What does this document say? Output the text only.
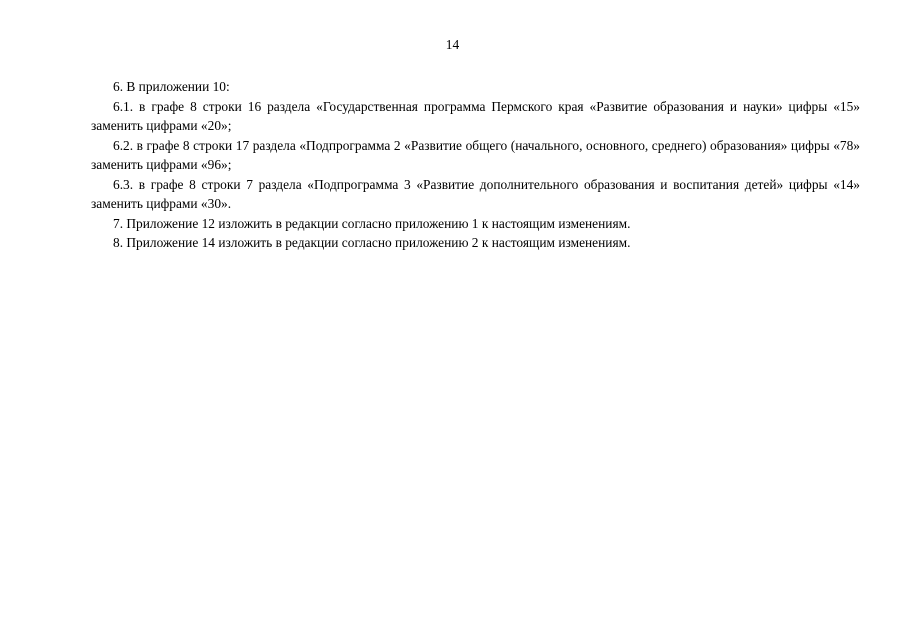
14

6. В приложении 10:

6.1. в графе 8 строки 16 раздела «Государственная программа Пермского края «Развитие образования и науки» цифры «15» заменить цифрами «20»;

6.2. в графе 8 строки 17 раздела «Подпрограмма 2 «Развитие общего (начального, основного, среднего) образования» цифры «78» заменить цифрами «96»;

6.3. в графе 8 строки 7 раздела «Подпрограмма 3 «Развитие дополнительного образования и воспитания детей» цифры «14» заменить цифрами «30».

7. Приложение 12 изложить в редакции согласно приложению 1 к настоящим изменениям.

8. Приложение 14 изложить в редакции согласно приложению 2 к настоящим изменениям.
